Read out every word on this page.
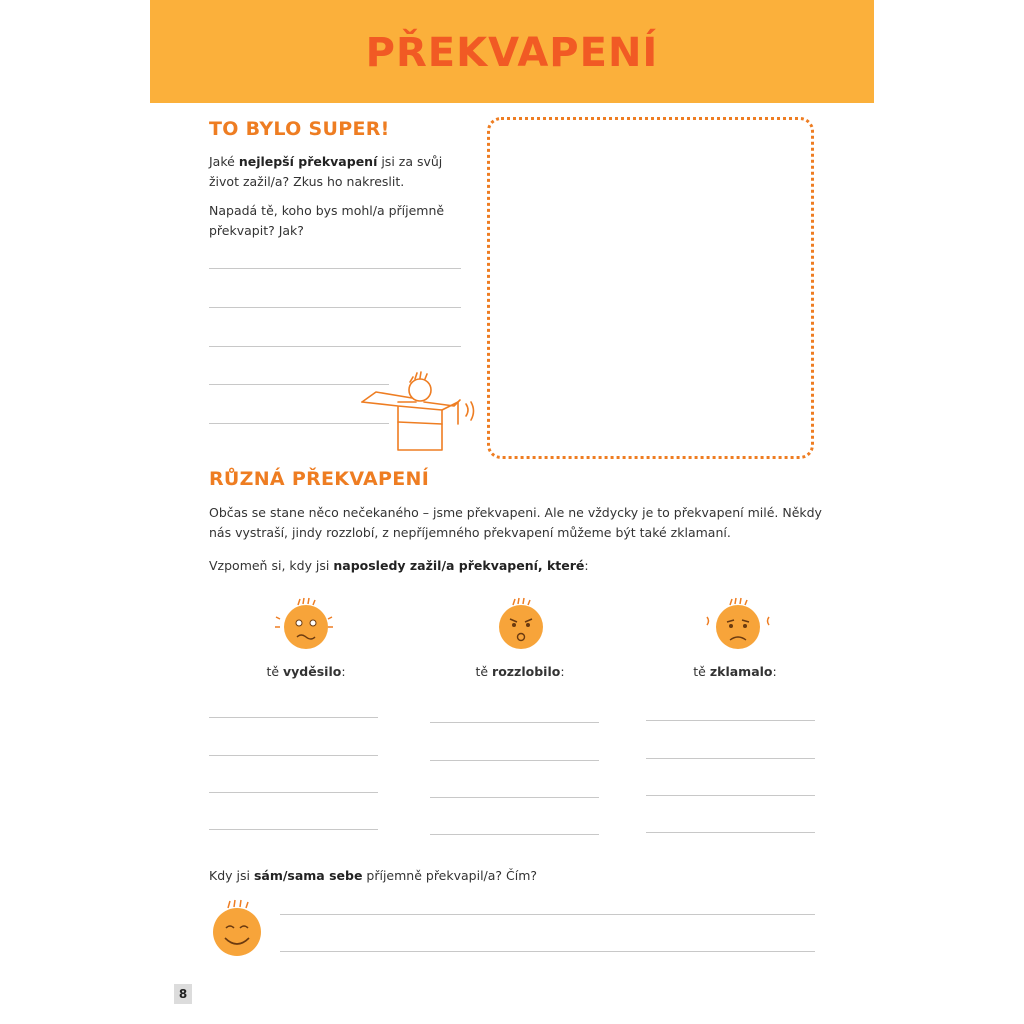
PŘEKVAPENÍ
TO BYLO SUPER!
Jaké nejlepší překvapení jsi za svůj život zažil/a? Zkus ho nakreslit.
Napadá tě, koho bys mohl/a příjemně překvapit? Jak?
RŮZNÁ PŘEKVAPENÍ
Občas se stane něco nečekaného – jsme překvapeni. Ale ne vždycky je to překvapení milé. Někdy nás vystraší, jindy rozzlobí, z nepříjemného překvapení můžeme být také zklamaní.
Vzpomeň si, kdy jsi naposledy zažil/a překvapení, které:
tě vyděsilo:	tě rozzlobilo:	tě zklamalo:
Kdy jsi sám/sama sebe příjemně překvapil/a? Čím?
8
